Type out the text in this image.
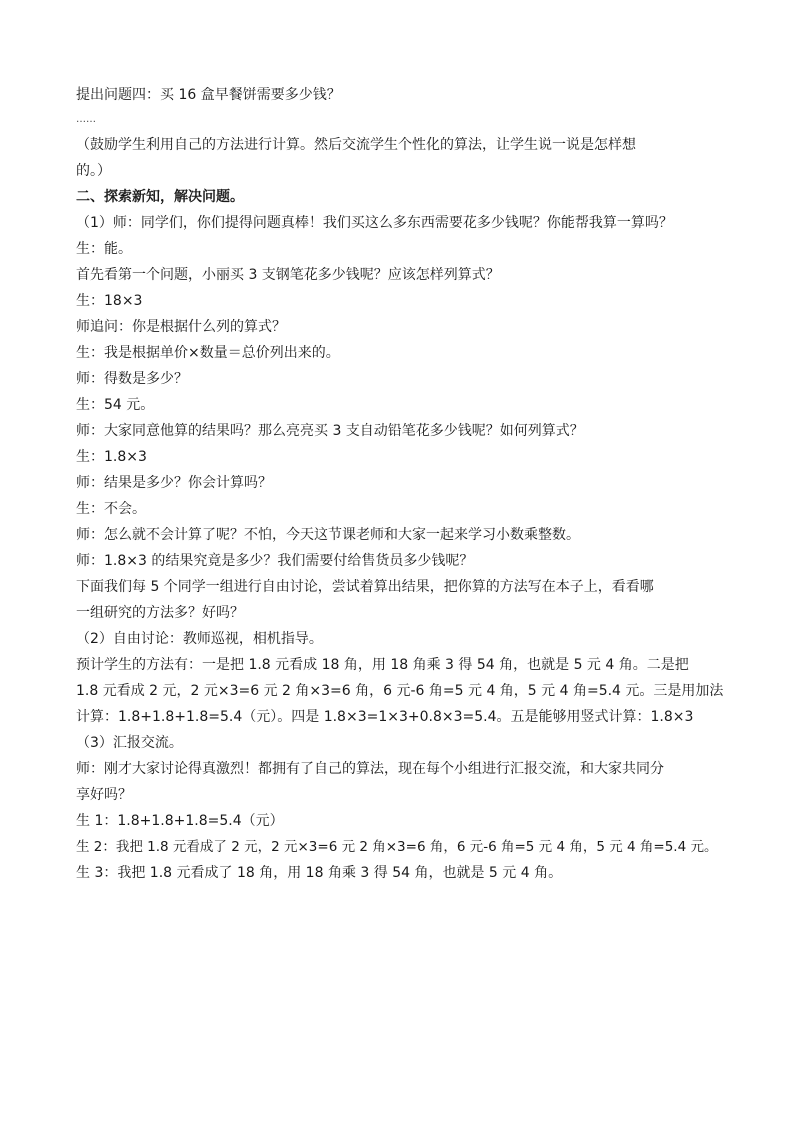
提出问题四：买 16 盒早餐饼需要多少钱？
……
（鼓励学生利用自己的方法进行计算。然后交流学生个性化的算法，让学生说一说是怎样想
的。）
二、探索新知，解决问题。
（1）师：同学们，你们提得问题真棒！我们买这么多东西需要花多少钱呢？你能帮我算一算吗？
生：能。
首先看第一个问题，小丽买 3 支钢笔花多少钱呢？应该怎样列算式？
生：18×3
师追问：你是根据什么列的算式？
生：我是根据单价×数量＝总价列出来的。
师：得数是多少？
生：54 元。
师：大家同意他算的结果吗？那么亮亮买 3 支自动铅笔花多少钱呢？如何列算式？
生：1.8×3
师：结果是多少？你会计算吗？
生：不会。
师：怎么就不会计算了呢？不怕，今天这节课老师和大家一起来学习小数乘整数。
师：1.8×3 的结果究竟是多少？我们需要付给售货员多少钱呢？
下面我们每 5 个同学一组进行自由讨论，尝试着算出结果，把你算的方法写在本子上，看看哪
一组研究的方法多？好吗？
（2）自由讨论：教师巡视，相机指导。
预计学生的方法有：一是把 1.8 元看成 18 角，用 18 角乘 3 得 54 角，也就是 5 元 4 角。二是把
1.8 元看成 2 元，2 元×3=6 元 2 角×3=6 角，6 元-6 角=5 元 4 角，5 元 4 角=5.4 元。三是用加法
计算：1.8+1.8+1.8=5.4（元）。四是 1.8×3=1×3+0.8×3=5.4。五是能够用竖式计算：1.8×3
（3）汇报交流。
师：刚才大家讨论得真激烈！都拥有了自己的算法，现在每个小组进行汇报交流，和大家共同分
享好吗？
生 1：1.8+1.8+1.8=5.4（元）
生 2：我把 1.8 元看成了 2 元，2 元×3=6 元 2 角×3=6 角，6 元-6 角=5 元 4 角，5 元 4 角=5.4 元。
生 3：我把 1.8 元看成了 18 角，用 18 角乘 3 得 54 角，也就是 5 元 4 角。
